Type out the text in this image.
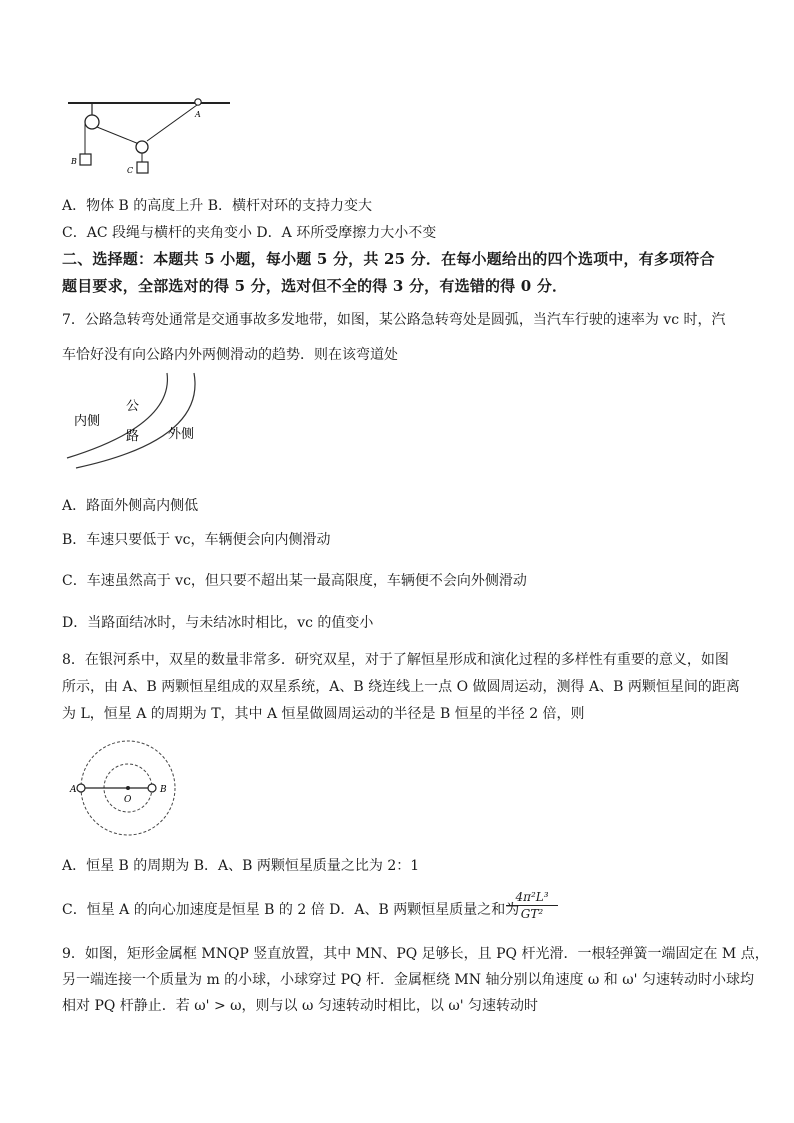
A
B
C
A．物体 B 的高度上升 B．横杆对环的支持力变大
C．AC 段绳与横杆的夹角变小 D．A 环所受摩擦力大小不变
二、选择题：本题共 5 小题，每小题 5 分，共 25 分．在每小题给出的四个选项中，有多项符合
题目要求，全部选对的得 5 分，选对但不全的得 3 分，有选错的得 0 分．
7．公路急转弯处通常是交通事故多发地带，如图，某公路急转弯处是圆弧，当汽车行驶的速率为 vc 时，汽
车恰好没有向公路内外两侧滑动的趋势．则在该弯道处
内侧
公
路 外侧
A．路面外侧高内侧低
B．车速只要低于 vc，车辆便会向内侧滑动
C．车速虽然高于 vc，但只要不超出某一最高限度，车辆便不会向外侧滑动
D．当路面结冰时，与未结冰时相比，vc 的值变小
8．在银河系中，双星的数量非常多．研究双星，对于了解恒星形成和演化过程的多样性有重要的意义，如图
所示，由 A、B 两颗恒星组成的双星系统，A、B 绕连线上一点 O 做圆周运动，测得 A、B 两颗恒星间的距离
为 L，恒星 A 的周期为 T，其中 A 恒星做圆周运动的半径是 B 恒星的半径 2 倍，则
A
O
B
A．恒星 B 的周期为 B．A、B 两颗恒星质量之比为 2：1
C．恒星 A 的向心加速度是恒星 B 的 2 倍 D．A、B 两颗恒星质量之和为
$\frac{\text{4π²L³}}{\text{GT²}}$
9．如图，矩形金属框 MNQP 竖直放置，其中 MN、PQ 足够长，且 PQ 杆光滑．一根轻弹簧一端固定在 M 点，
另一端连接一个质量为 m 的小球，小球穿过 PQ 杆．金属框绕 MN 轴分别以角速度 ω 和 ω' 匀速转动时小球均
相对 PQ 杆静止．若 ω' > ω，则与以 ω 匀速转动时相比，以 ω' 匀速转动时
